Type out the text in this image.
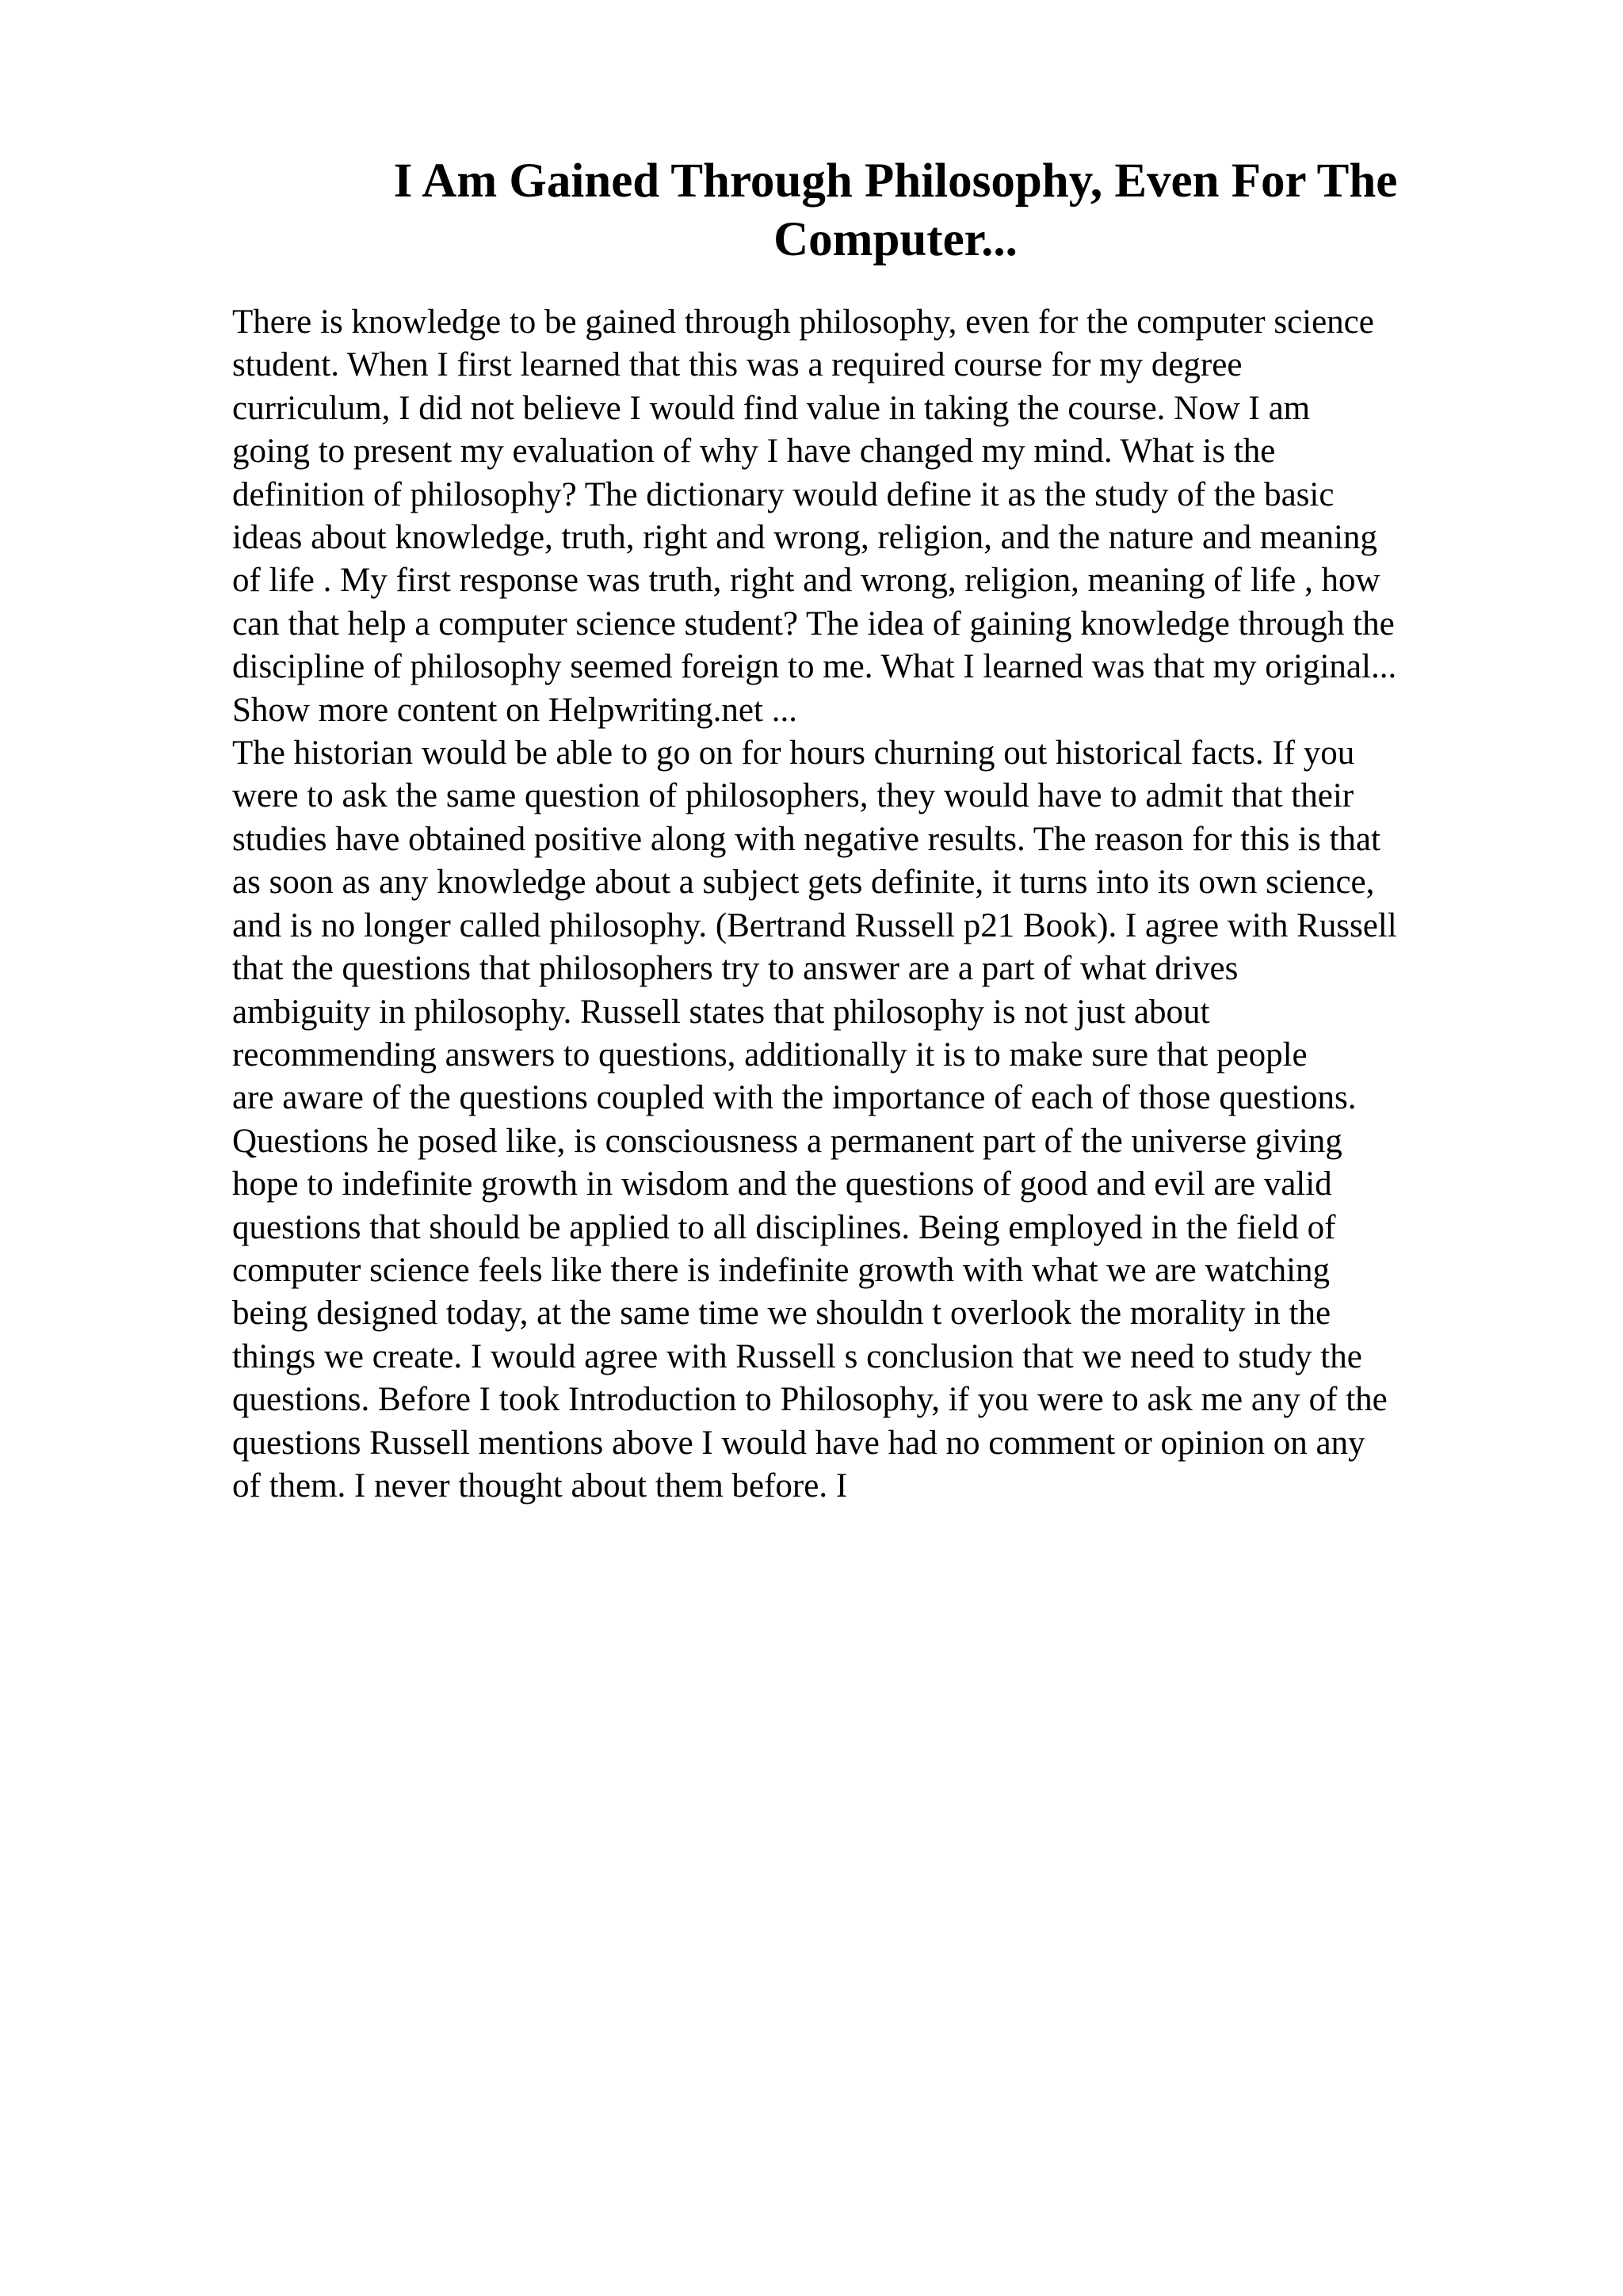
I Am Gained Through Philosophy, Even For The
Computer...
There is knowledge to be gained through philosophy, even for the computer science
student. When I first learned that this was a required course for my degree
curriculum, I did not believe I would find value in taking the course. Now I am
going to present my evaluation of why I have changed my mind. What is the
definition of philosophy? The dictionary would define it as the study of the basic
ideas about knowledge, truth, right and wrong, religion, and the nature and meaning
of life . My first response was truth, right and wrong, religion, meaning of life , how
can that help a computer science student? The idea of gaining knowledge through the
discipline of philosophy seemed foreign to me. What I learned was that my original...
Show more content on Helpwriting.net ...
The historian would be able to go on for hours churning out historical facts. If you
were to ask the same question of philosophers, they would have to admit that their
studies have obtained positive along with negative results. The reason for this is that
as soon as any knowledge about a subject gets definite, it turns into its own science,
and is no longer called philosophy. (Bertrand Russell p21 Book). I agree with Russell
that the questions that philosophers try to answer are a part of what drives
ambiguity in philosophy. Russell states that philosophy is not just about
recommending answers to questions, additionally it is to make sure that people
are aware of the questions coupled with the importance of each of those questions.
Questions he posed like, is consciousness a permanent part of the universe giving
hope to indefinite growth in wisdom and the questions of good and evil are valid
questions that should be applied to all disciplines. Being employed in the field of
computer science feels like there is indefinite growth with what we are watching
being designed today, at the same time we shouldn t overlook the morality in the
things we create. I would agree with Russell s conclusion that we need to study the
questions. Before I took Introduction to Philosophy, if you were to ask me any of the
questions Russell mentions above I would have had no comment or opinion on any
of them. I never thought about them before. I
